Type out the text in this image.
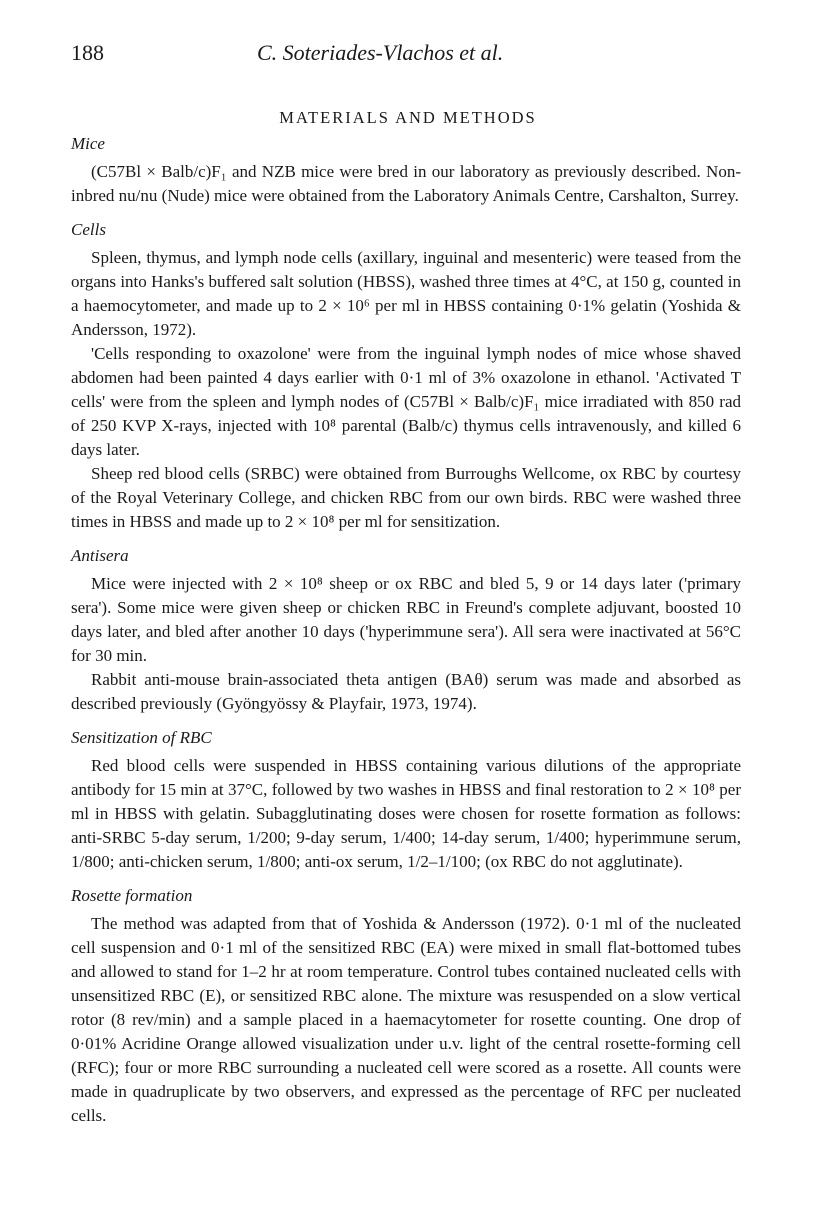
188	C. Soteriades-Vlachos et al.
MATERIALS AND METHODS
Mice

(C57Bl × Balb/c)F₁ and NZB mice were bred in our laboratory as previously described. Non-inbred nu/nu (Nude) mice were obtained from the Laboratory Animals Centre, Carshalton, Surrey.

Cells

Spleen, thymus, and lymph node cells (axillary, inguinal and mesenteric) were teased from the organs into Hanks's buffered salt solution (HBSS), washed three times at 4°C, at 150 g, counted in a haemocytometer, and made up to 2 × 10⁶ per ml in HBSS containing 0·1% gelatin (Yoshida & Andersson, 1972).

'Cells responding to oxazolone' were from the inguinal lymph nodes of mice whose shaved abdomen had been painted 4 days earlier with 0·1 ml of 3% oxazolone in ethanol. 'Activated T cells' were from the spleen and lymph nodes of (C57Bl × Balb/c)F₁ mice irradiated with 850 rad of 250 KVP X-rays, injected with 10⁸ parental (Balb/c) thymus cells intravenously, and killed 6 days later.

Sheep red blood cells (SRBC) were obtained from Burroughs Wellcome, ox RBC by courtesy of the Royal Veterinary College, and chicken RBC from our own birds. RBC were washed three times in HBSS and made up to 2 × 10⁸ per ml for sensitization.

Antisera

Mice were injected with 2 × 10⁸ sheep or ox RBC and bled 5, 9 or 14 days later ('primary sera'). Some mice were given sheep or chicken RBC in Freund's complete adjuvant, boosted 10 days later, and bled after another 10 days ('hyperimmune sera'). All sera were inactivated at 56°C for 30 min.

Rabbit anti-mouse brain-associated theta antigen (BAθ) serum was made and absorbed as described previously (Gyöngyössy & Playfair, 1973, 1974).

Sensitization of RBC

Red blood cells were suspended in HBSS containing various dilutions of the appropriate antibody for 15 min at 37°C, followed by two washes in HBSS and final restoration to 2 × 10⁸ per ml in HBSS with gelatin. Subagglutinating doses were chosen for rosette formation as follows: anti-SRBC 5-day serum, 1/200; 9-day serum, 1/400; 14-day serum, 1/400; hyperimmune serum, 1/800; anti-chicken serum, 1/800; anti-ox serum, 1/2–1/100; (ox RBC do not agglutinate).

Rosette formation

The method was adapted from that of Yoshida & Andersson (1972). 0·1 ml of the nucleated cell suspension and 0·1 ml of the sensitized RBC (EA) were mixed in small flat-bottomed tubes and allowed to stand for 1–2 hr at room temperature. Control tubes contained nucleated cells with unsensitized RBC (E), or sensitized RBC alone. The mixture was resuspended on a slow vertical rotor (8 rev/min) and a sample placed in a haemacytometer for rosette counting. One drop of 0·01% Acridine Orange allowed visualization under u.v. light of the central rosette-forming cell (RFC); four or more RBC surrounding a nucleated cell were scored as a rosette. All counts were made in quadruplicate by two observers, and expressed as the percentage of RFC per nucleated cells.
